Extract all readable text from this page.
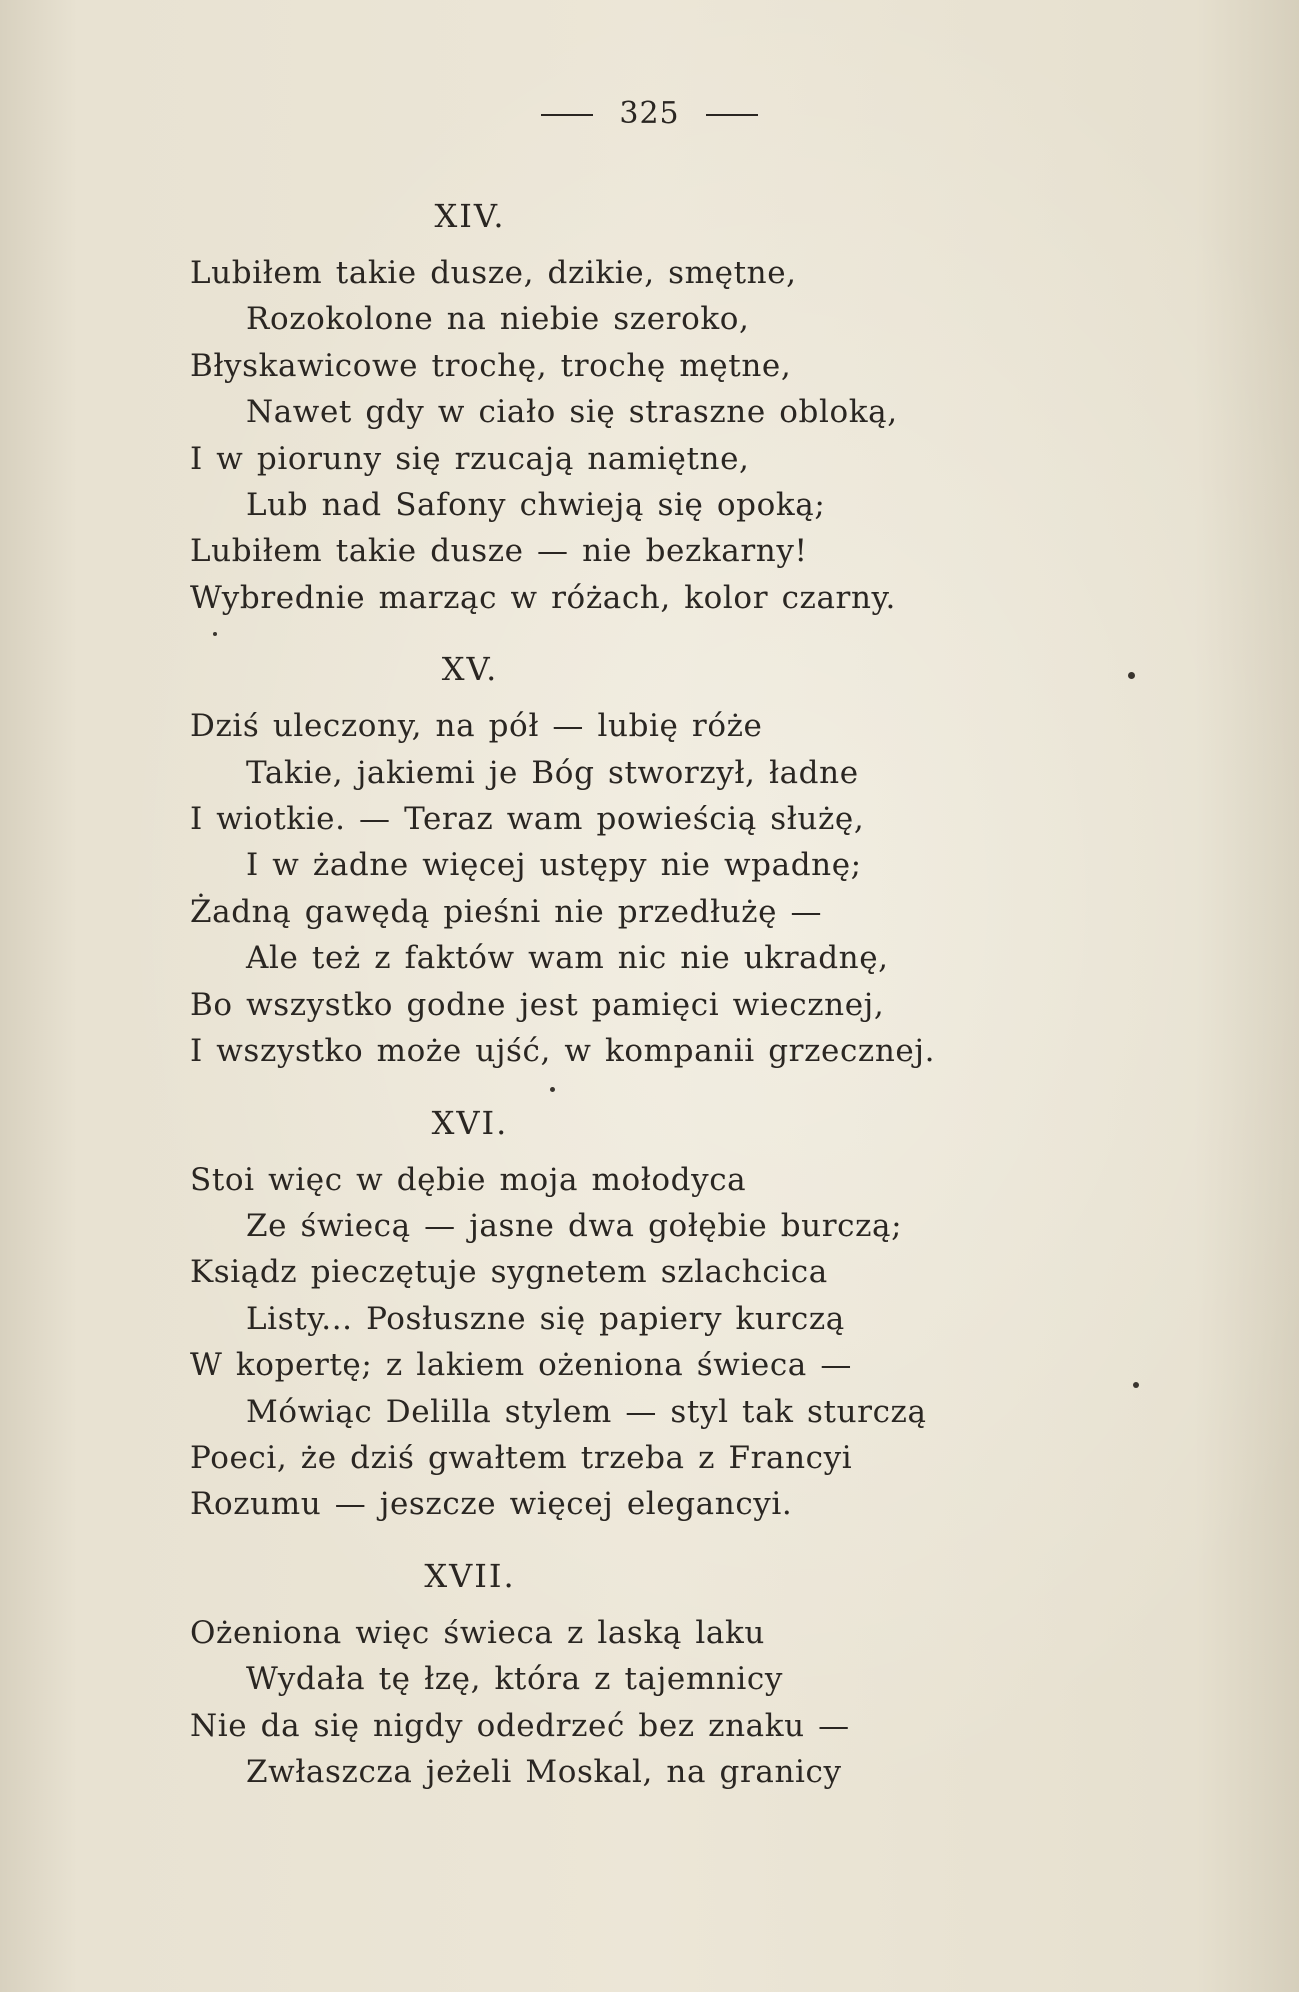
325
XIV.
Lubiłem takie dusze, dzikie, smętne,
Rozokolone na niebie szeroko,
Błyskawicowe trochę, trochę mętne,
Nawet gdy w ciało się straszne obloką,
I w pioruny się rzucają namiętne,
Lub nad Safony chwieją się opoką;
Lubiłem takie dusze — nie bezkarny!
Wybrednie marząc w różach, kolor czarny.
XV.
Dziś uleczony, na pół — lubię róże
Takie, jakiemi je Bóg stworzył, ładne
I wiotkie. — Teraz wam powieścią służę,
I w żadne więcej ustępy nie wpadnę;
Żadną gawędą pieśni nie przedłużę —
Ale też z faktów wam nic nie ukradnę,
Bo wszystko godne jest pamięci wiecznej,
I wszystko może ujść, w kompanii grzecznej.
XVI.
Stoi więc w dębie moja mołodyca
Ze świecą — jasne dwa gołębie burczą;
Ksiądz pieczętuje sygnetem szlachcica
Listy... Posłuszne się papiery kurczą
W kopertę; z lakiem ożeniona świeca —
Mówiąc Delilla stylem — styl tak sturczą
Poeci, że dziś gwałtem trzeba z Francyi
Rozumu — jeszcze więcej elegancyi.
XVII.
Ożeniona więc świeca z laską laku
Wydała tę łzę, która z tajemnicy
Nie da się nigdy odedrzeć bez znaku —
Zwłaszcza jeżeli Moskal, na granicy
